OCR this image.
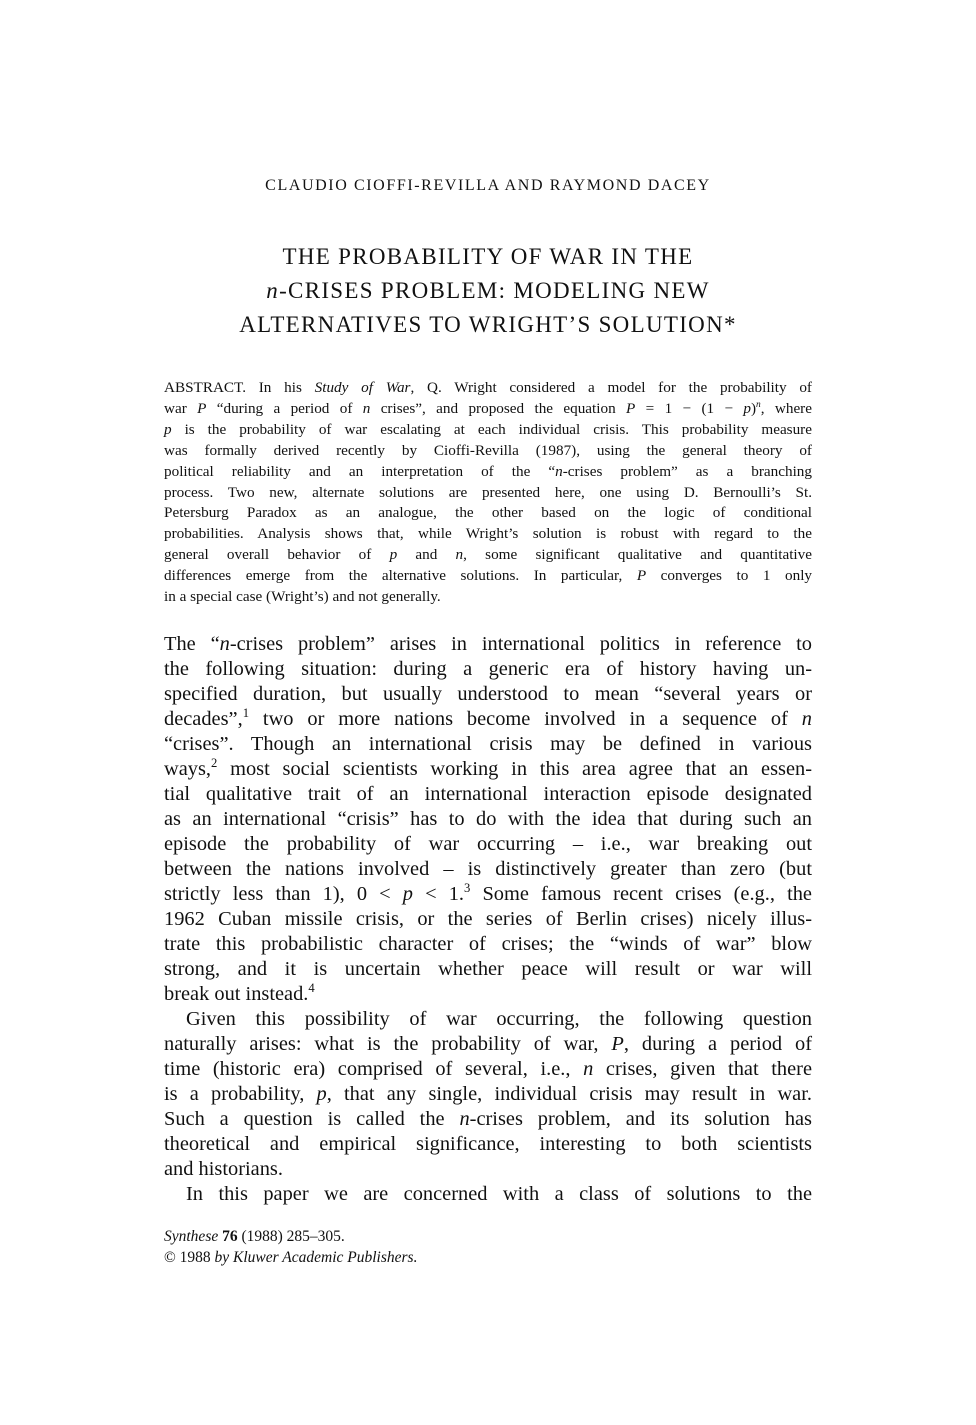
CLAUDIO CIOFFI-REVILLA AND RAYMOND DACEY
THE PROBABILITY OF WAR IN THE
n-CRISES PROBLEM: MODELING NEW
ALTERNATIVES TO WRIGHT’S SOLUTION*
ABSTRACT. In his Study of War, Q. Wright considered a model for the probability of
war P “during a period of n crises”, and proposed the equation $P = 1 - (1 - p)^n$, where
p is the probability of war escalating at each individual crisis. This probability measure
was formally derived recently by Cioffi-Revilla (1987), using the general theory of
political reliability and an interpretation of the “n-crises problem” as a branching
process. Two new, alternate solutions are presented here, one using D. Bernoulli’s St.
Petersburg Paradox as an analogue, the other based on the logic of conditional
probabilities. Analysis shows that, while Wright’s solution is robust with regard to the
general overall behavior of p and n, some significant qualitative and quantitative
differences emerge from the alternative solutions. In particular, P converges to 1 only
in a special case (Wright’s) and not generally.
The “n-crises problem” arises in international politics in reference to
the following situation: during a generic era of history having un-
specified duration, but usually understood to mean “several years or
decades”,$^1$ two or more nations become involved in a sequence of n
“crises”. Though an international crisis may be defined in various
ways,$^2$ most social scientists working in this area agree that an essen-
tial qualitative trait of an international interaction episode designated
as an international “crisis” has to do with the idea that during such an
episode the probability of war occurring – i.e., war breaking out
between the nations involved – is distinctively greater than zero (but
strictly less than 1), 0 < p < 1.$^3$ Some famous recent crises (e.g., the
1962 Cuban missile crisis, or the series of Berlin crises) nicely illus-
trate this probabilistic character of crises; the “winds of war” blow
strong, and it is uncertain whether peace will result or war will
break out instead.$^4$
Given this possibility of war occurring, the following question
naturally arises: what is the probability of war, P, during a period of
time (historic era) comprised of several, i.e., n crises, given that there
is a probability, p, that any single, individual crisis may result in war.
Such a question is called the n-crises problem, and its solution has
theoretical and empirical significance, interesting to both scientists
and historians.
In this paper we are concerned with a class of solutions to the
Synthese 76 (1988) 285–305.
© 1988 by Kluwer Academic Publishers.
